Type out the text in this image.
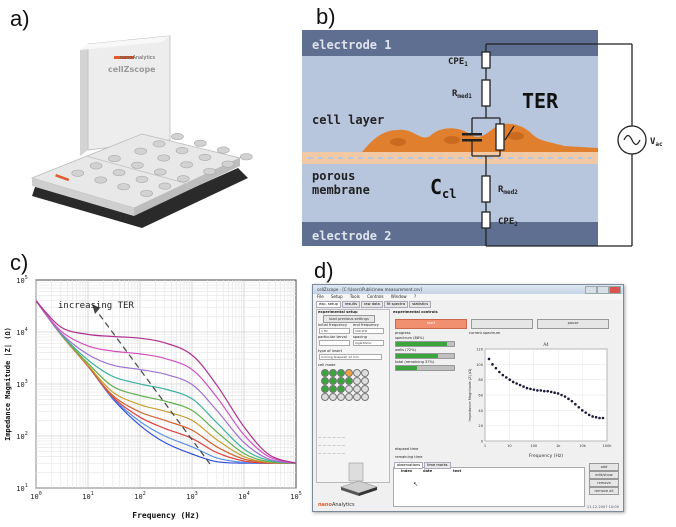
a)	b)
c)	d)
nanoAnalytics
cellZscope
electrode 1
electrode 2
cell layer
porous
membrane
$CPE_1$
$R_{med1}$	TER
$C_{cl}$	$R_{med2}$
$CPE_2$
$V_{ac}$
$10^0$	$10^1$	$10^2$	$10^3$	$10^4$	$10^5$
$10^1$
$10^2$
$10^3$
$10^4$
$10^5$
increasing TER
Frequency (Hz)
Impedance Magnitude |Z| (Ω)
cellZscope - [C:\Users\Public\new measurement.csv]
File Setup Tools Controls Window ?
exp. setup results raw data fit spectra statistics
experimental setup
load previous settings
initial frequency end frequency
1 Hz	100 kHz
particular terval spacing
logarithmic
type of insert
Corning Snapwell 12 mm
cell mode
— — — — — —
— — — — — —
— — — — — —
experimental controls
start	pause
progress
spectrum (88%)
wells (72%)
total (remaining 37%)
current spectrum
elapsed time
remaining time
1	10	100	1k	10k	100k
0
20
40
60
80
100
120
A4
Frequency (Hz)
Impedance Magnitude |Z| (Ω)
observations time marks
index	date	text
↖
add
edit/show
remove
remove all
nanoAnalytics	11.12.2007 10:00
